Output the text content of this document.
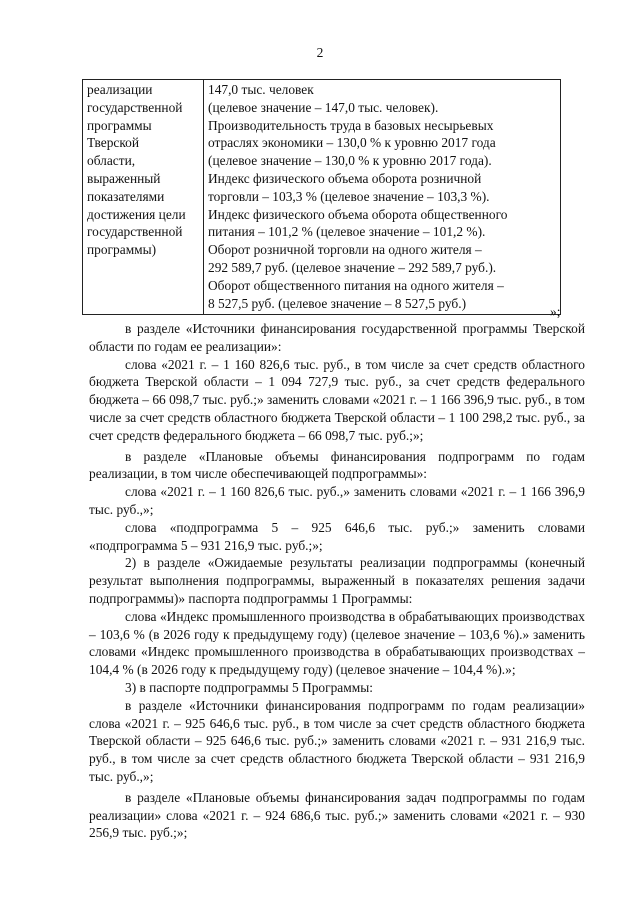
2
реализации
государственной
программы
Тверской
области,
выраженный
показателями
достижения цели
государственной
программы)

147,0 тыс. человек
(целевое значение – 147,0 тыс. человек).
Производительность труда в базовых несырьевых
отраслях экономики – 130,0 % к уровню 2017 года
(целевое значение – 130,0 % к уровню 2017 года).
Индекс физического объема оборота розничной
торговли – 103,3 % (целевое значение – 103,3 %).
Индекс физического объема оборота общественного
питания – 101,2 % (целевое значение – 101,2 %).
Оборот розничной торговли на одного жителя –
292 589,7 руб. (целевое значение – 292 589,7 руб.).
Оборот общественного питания на одного жителя –
8 527,5 руб. (целевое значение – 8 527,5 руб.)
»;

в разделе «Источники финансирования государственной программы Тверской области по годам ее реализации»:

слова «2021 г. – 1 160 826,6 тыс. руб., в том числе за счет средств областного бюджета Тверской области – 1 094 727,9 тыс. руб., за счет средств федерального бюджета – 66 098,7 тыс. руб.;» заменить словами «2021 г. – 1 166 396,9 тыс. руб., в том числе за счет средств областного бюджета Тверской области – 1 100 298,2 тыс. руб., за счет средств федерального бюджета – 66 098,7 тыс. руб.;»;

в разделе «Плановые объемы финансирования подпрограмм по годам реализации, в том числе обеспечивающей подпрограммы»:

слова «2021 г. – 1 160 826,6 тыс. руб.,» заменить словами «2021 г. – 1 166 396,9 тыс. руб.,»;

слова «подпрограмма 5 – 925 646,6 тыс. руб.;» заменить словами «подпрограмма 5 – 931 216,9 тыс. руб.;»;

2) в разделе «Ожидаемые результаты реализации подпрограммы (конечный результат выполнения подпрограммы, выраженный в показателях решения задачи подпрограммы)» паспорта подпрограммы 1 Программы:

слова «Индекс промышленного производства в обрабатывающих производствах – 103,6 % (в 2026 году к предыдущему году) (целевое значение – 103,6 %).» заменить словами «Индекс промышленного производства в обрабатывающих производствах – 104,4 % (в 2026 году к предыдущему году) (целевое значение – 104,4 %).»;

3) в паспорте подпрограммы 5 Программы:

в разделе «Источники финансирования подпрограмм по годам реализации» слова «2021 г. – 925 646,6 тыс. руб., в том числе за счет средств областного бюджета Тверской области – 925 646,6 тыс. руб.;» заменить словами «2021 г. – 931 216,9 тыс. руб., в том числе за счет средств областного бюджета Тверской области – 931 216,9 тыс. руб.,»;

в разделе «Плановые объемы финансирования задач подпрограммы по годам реализации» слова «2021 г. – 924 686,6 тыс. руб.;» заменить словами «2021 г. – 930 256,9 тыс. руб.;»;
